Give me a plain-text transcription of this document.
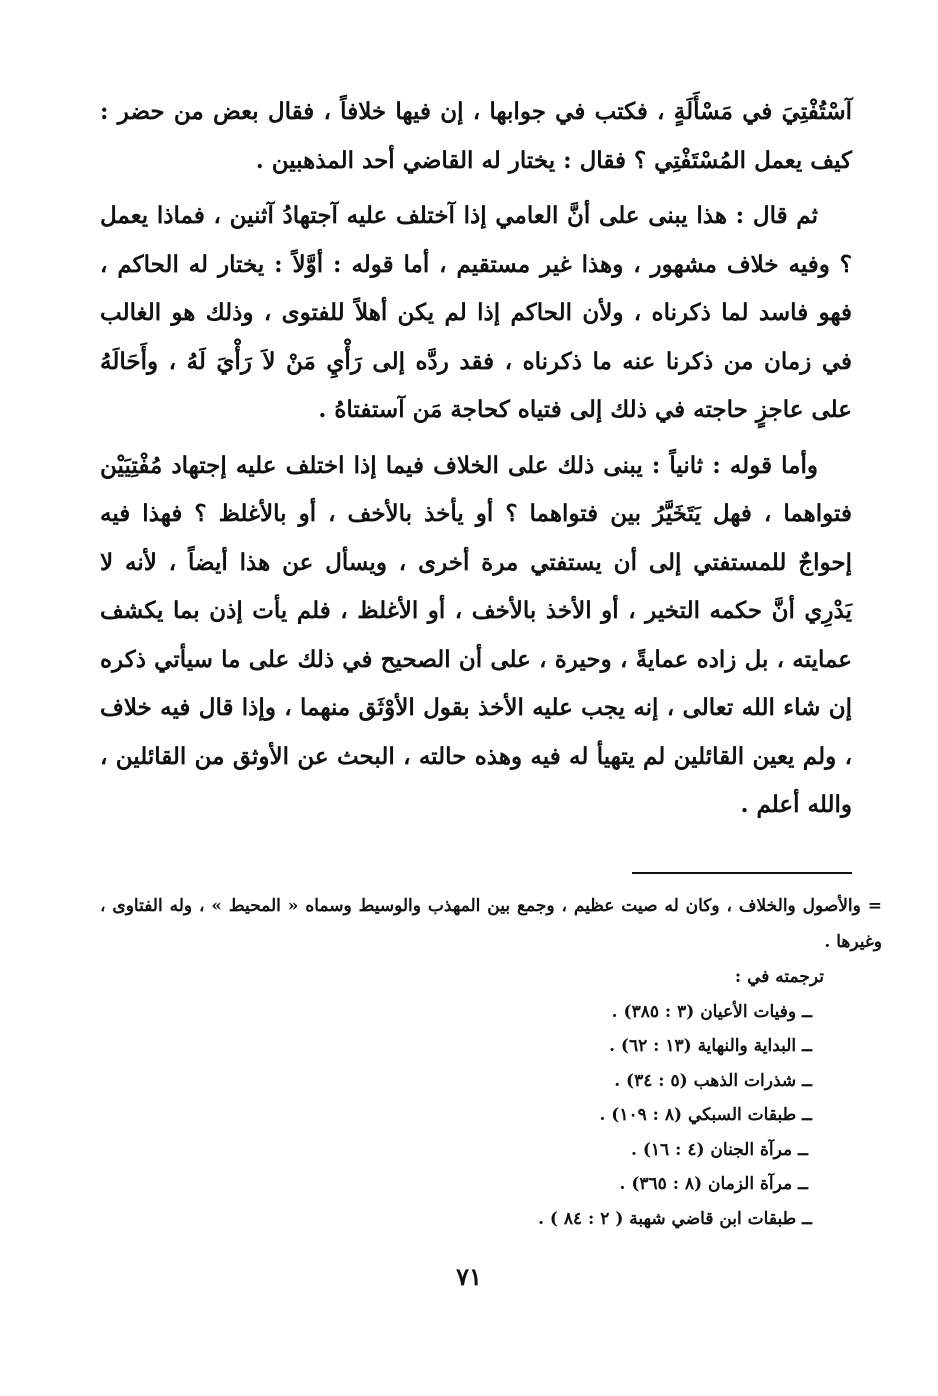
آسْتُفْتِيَ في مَسْأَلَةٍ ، فكتب في جوابها ، إن فيها خلافاً ، فقال بعض من حضر : كيف يعمل المُسْتَفْتِي ؟ فقال : يختار له القاضي أحد المذهبين .

ثم قال : هذا يبنى على أنَّ العامي إذا آختلف عليه آجتهادُ آثنين ، فماذا يعمل ؟ وفيه خلاف مشهور ، وهذا غير مستقيم ، أما قوله : أوَّلاً : يختار له الحاكم ، فهو فاسد لما ذكرناه ، ولأن الحاكم إذا لم يكن أهلاً للفتوى ، وذلك هو الغالب في زمان من ذكرنا عنه ما ذكرناه ، فقد ردَّه إلى رَأْيِ مَنْ لاَ رَأْيَ لَهُ ، وأَحَالَهُ على عاجزٍ حاجته في ذلك إلى فتياه كحاجة مَن آستفتاهُ .

وأما قوله : ثانياً : يبنى ذلك على الخلاف فيما إذا اختلف عليه إجتهاد مُفْتِيَيْن فتواهما ، فهل يَتَخَيَّرُ بين فتواهما ؟ أو يأخذ بالأخف ، أو بالأغلظ ؟ فهذا فيه إحواجٌ للمستفتي إلى أن يستفتي مرة أخرى ، ويسأل عن هذا أيضاً ، لأنه لا يَدْرِي أنَّ حكمه التخير ، أو الأخذ بالأخف ، أو الأغلظ ، فلم يأت إذن بما يكشف عمايته ، بل زاده عمايةً ، وحيرة ، على أن الصحيح في ذلك على ما سيأتي ذكره إن شاء الله تعالى ، إنه يجب عليه الأخذ بقول الأوْثَق منهما ، وإذا قال فيه خلاف ، ولم يعين القائلين لم يتهيأ له فيه وهذه حالته ، البحث عن الأوثق من القائلين ، والله أعلم .

= والأصول والخلاف ، وكان له صيت عظيم ، وجمع بين المهذب والوسيط وسماه « المحيط » ، وله الفتاوى ، وغيرها .

ترجمته في :

ــ وفيات الأعيان (٣ : ٣٨٥) .
ــ البداية والنهاية (١٣ : ٦٢) .
ــ شذرات الذهب (٥ : ٣٤) .
ــ طبقات السبكي (٨ : ١٠٩) .
ــ مرآة الجنان (٤ : ١٦) .
ــ مرآة الزمان (٨ : ٣٦٥) .
ــ طبقات ابن قاضي شهبة ( ٢ : ٨٤ ) .
٧١
